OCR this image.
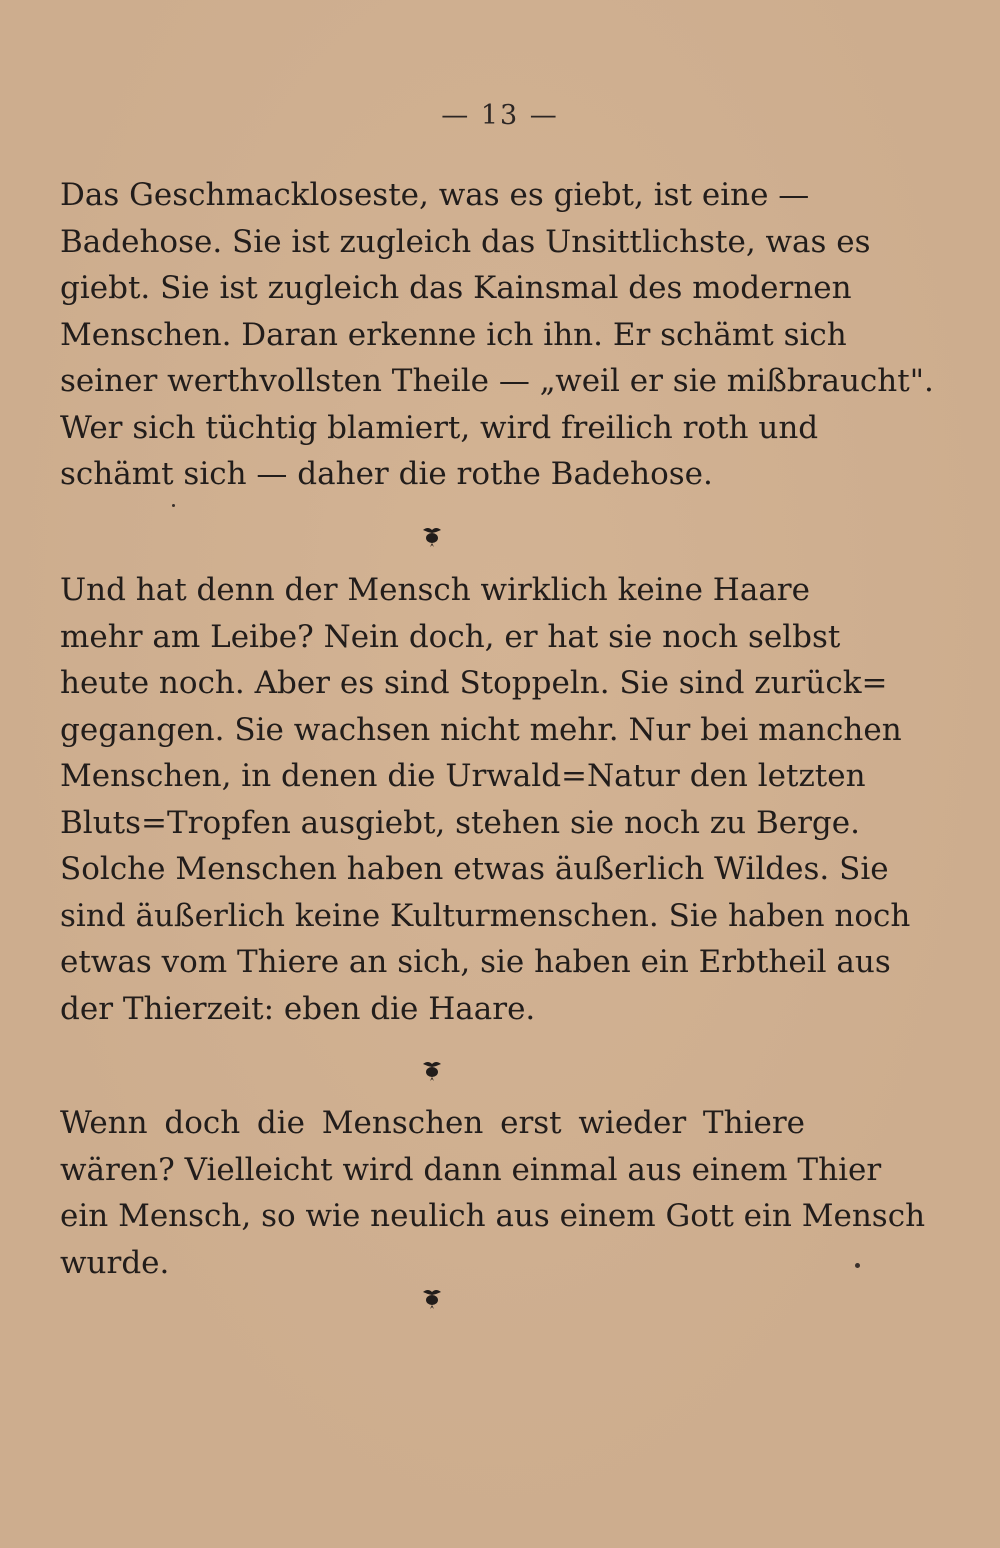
— 13 —
Das Geschmackloseste, was es giebt, ist eine —
Badehose. Sie ist zugleich das Unsittlichste, was es
giebt. Sie ist zugleich das Kainsmal des modernen
Menschen. Daran erkenne ich ihn. Er schämt sich
seiner werthvollsten Theile — „weil er sie mißbraucht".
Wer sich tüchtig blamiert, wird freilich roth und
schämt sich — daher die rothe Badehose.
Und hat denn der Mensch wirklich keine Haare
mehr am Leibe? Nein doch, er hat sie noch selbst
heute noch. Aber es sind Stoppeln. Sie sind zurück=
gegangen. Sie wachsen nicht mehr. Nur bei manchen
Menschen, in denen die Urwald=Natur den letzten
Bluts=Tropfen ausgiebt, stehen sie noch zu Berge.
Solche Menschen haben etwas äußerlich Wildes. Sie
sind äußerlich keine Kulturmenschen. Sie haben noch
etwas vom Thiere an sich, sie haben ein Erbtheil aus
der Thierzeit: eben die Haare.
Wenn doch die Menschen erst wieder Thiere
wären? Vielleicht wird dann einmal aus einem Thier
ein Mensch, so wie neulich aus einem Gott ein Mensch
wurde.
